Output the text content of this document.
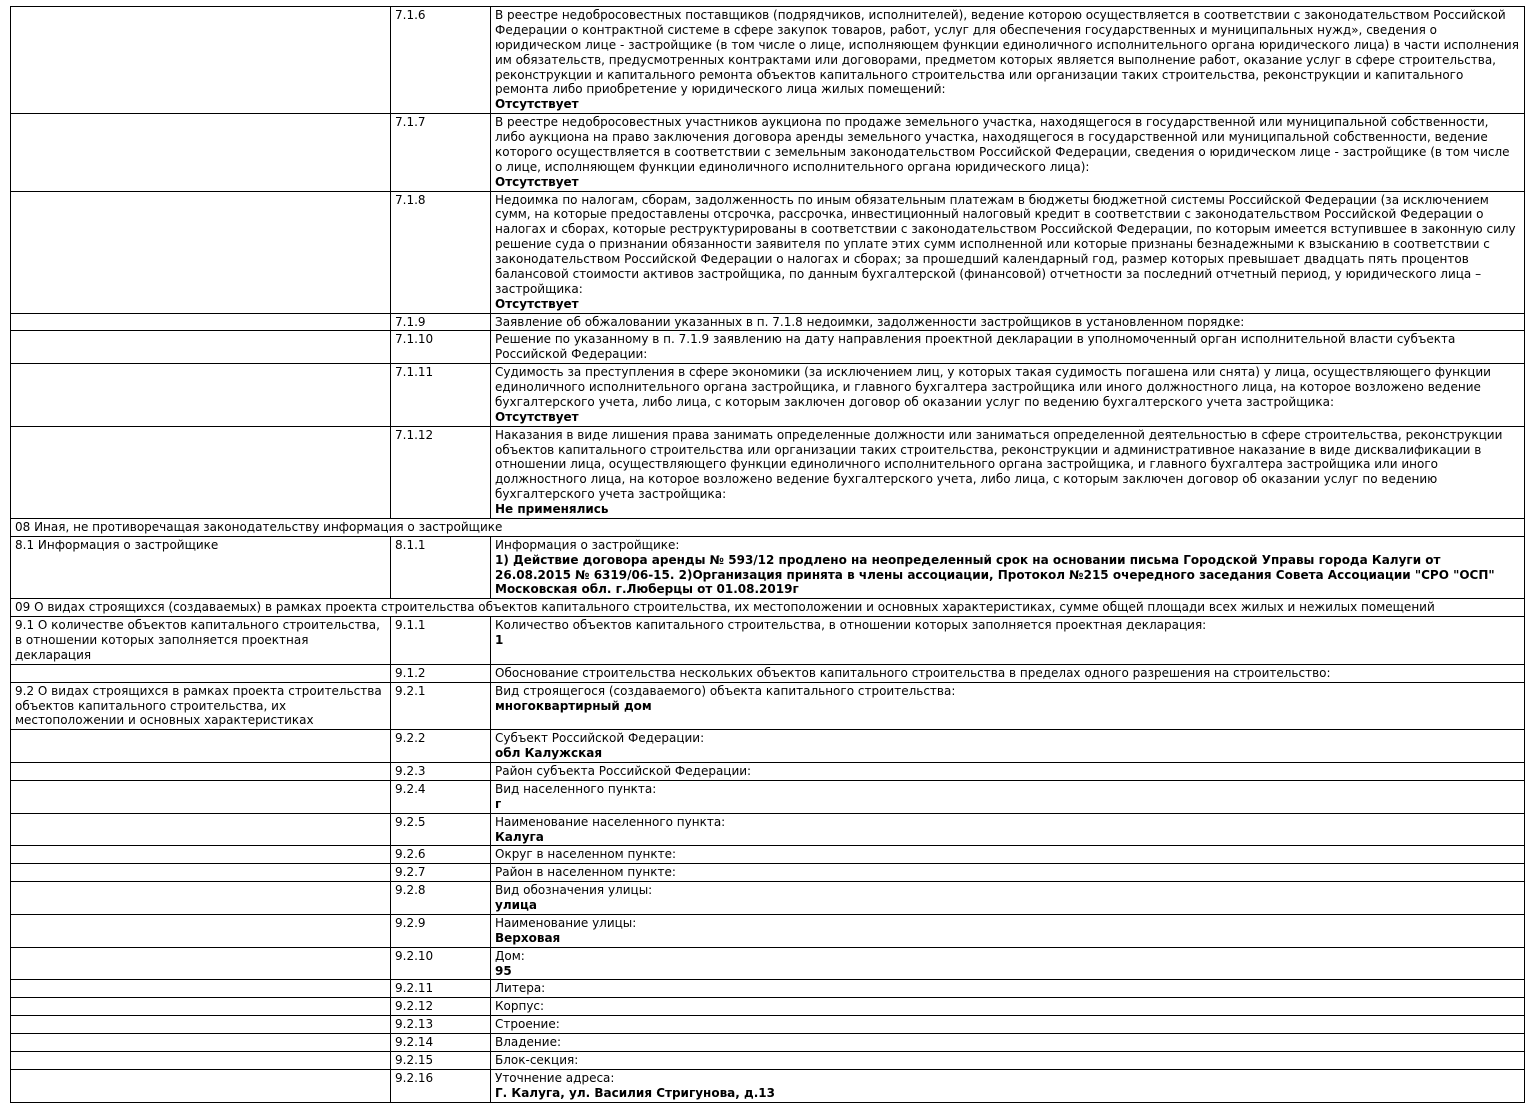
	7.1.6	В реестре недобросовестных поставщиков (подрядчиков, исполнителей), ведение которою осуществляется в соответствии с законодательством Российской Федерации о контрактной системе в сфере закупок товаров, работ, услуг для обеспечения государственных и муниципальных нужд», сведения о юридическом лице - застройщике (в том числе о лице, исполняющем функции единоличного исполнительного органа юридического лица) в части исполнения им обязательств, предусмотренных контрактами или договорами, предметом которых является выполнение работ, оказание услуг в сфере строительства, реконструкции и капитального ремонта объектов капитального строительства или организации таких строительства, реконструкции и капитального ремонта либо приобретение у юридического лица жилых помещений:
Отсутствует

	7.1.7	В реестре недобросовестных участников аукциона по продаже земельного участка, находящегося в государственной или муниципальной собственности, либо аукциона на право заключения договора аренды земельного участка, находящегося в государственной или муниципальной собственности, ведение которого осуществляется в соответствии с земельным законодательством Российской Федерации, сведения о юридическом лице - застройщике (в том числе о лице, исполняющем функции единоличного исполнительного органа юридического лица):
Отсутствует

	7.1.8	Недоимка по налогам, сборам, задолженность по иным обязательным платежам в бюджеты бюджетной системы Российской Федерации (за исключением сумм, на которые предоставлены отсрочка, рассрочка, инвестиционный налоговый кредит в соответствии с законодательством Российской Федерации о налогах и сборах, которые реструктурированы в соответствии с законодательством Российской Федерации, по которым имеется вступившее в законную силу решение суда о признании обязанности заявителя по уплате этих сумм исполненной или которые признаны безнадежными к взысканию в соответствии с законодательством Российской Федерации о налогах и сборах; за прошедший календарный год, размер которых превышает двадцать пять процентов балансовой стоимости активов застройщика, по данным бухгалтерской (финансовой) отчетности за последний отчетный период, у юридического лица – застройщика:
Отсутствует

	7.1.9	Заявление об обжаловании указанных в п. 7.1.8 недоимки, задолженности застройщиков в установленном порядке:

	7.1.10	Решение по указанному в п. 7.1.9 заявлению на дату направления проектной декларации в уполномоченный орган исполнительной власти субъекта Российской Федерации:

	7.1.11	Судимость за преступления в сфере экономики (за исключением лиц, у которых такая судимость погашена или снята) у лица, осуществляющего функции единоличного исполнительного органа застройщика, и главного бухгалтера застройщика или иного должностного лица, на которое возложено ведение бухгалтерского учета, либо лица, с которым заключен договор об оказании услуг по ведению бухгалтерского учета застройщика:
Отсутствует

	7.1.12	Наказания в виде лишения права занимать определенные должности или заниматься определенной деятельностью в сфере строительства, реконструкции объектов капитального строительства или организации таких строительства, реконструкции и административное наказание в виде дисквалификации в отношении лица, осуществляющего функции единоличного исполнительного органа застройщика, и главного бухгалтера застройщика или иного должностного лица, на которое возложено ведение бухгалтерского учета, либо лица, с которым заключен договор об оказании услуг по ведению бухгалтерского учета застройщика:
Не применялись

08 Иная, не противоречащая законодательству информация о застройщике		
8.1 Информация о застройщике	8.1.1	Информация о застройщике:
1) Действие договора аренды № 593/12 продлено на неопределенный срок на основании письма Городской Управы города Калуги от 26.08.2015 № 6319/06-15. 2)Организация принята в члены ассоциации, Протокол №215 очередного заседания Совета Ассоциации "СРО "ОСП" Московская обл. г.Люберцы от 01.08.2019г

09 О видах строящихся (создаваемых) в рамках проекта строительства объектов капитального строительства, их местоположении и основных характеристиках, сумме общей площади всех жилых и нежилых помещений		
9.1 О количестве объектов капитального строительства, в отношении которых заполняется проектная декларация	9.1.1	Количество объектов капитального строительства, в отношении которых заполняется проектная декларация:
1

	9.1.2	Обоснование строительства нескольких объектов капитального строительства в пределах одного разрешения на строительство:

9.2 О видах строящихся в рамках проекта строительства объектов капитального строительства, их местоположении и основных характеристиках	9.2.1	Вид строящегося (создаваемого) объекта капитального строительства:
многоквартирный дом

	9.2.2	Субъект Российской Федерации:
обл Калужская

	9.2.3	Район субъекта Российской Федерации:

	9.2.4	Вид населенного пункта:
г

	9.2.5	Наименование населенного пункта:
Калуга

	9.2.6	Округ в населенном пункте:

	9.2.7	Район в населенном пункте:

	9.2.8	Вид обозначения улицы:
улица

	9.2.9	Наименование улицы:
Верховая

	9.2.10	Дом:
95

	9.2.11	Литера:

	9.2.12	Корпус:

	9.2.13	Строение:

	9.2.14	Владение:

	9.2.15	Блок-секция:

	9.2.16	Уточнение адреса:
Г. Калуга, ул. Василия Стригунова, д.13
